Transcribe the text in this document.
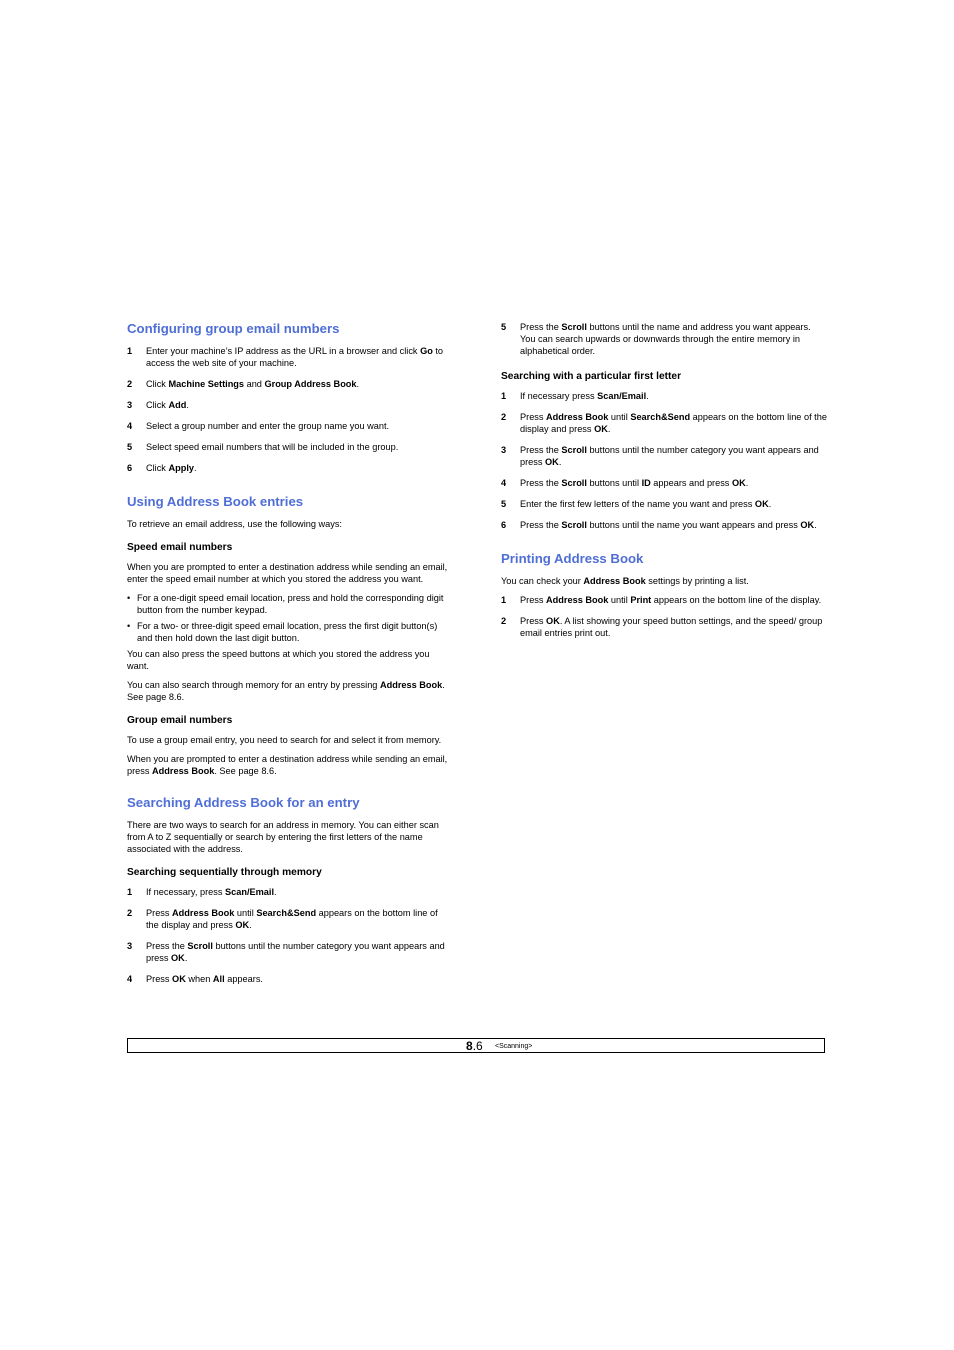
Configuring group email numbers
1	Enter your machine’s IP address as the URL in a browser and click Go to access the web site of your machine.
2	Click Machine Settings and Group Address Book.
3	Click Add.
4	Select a group number and enter the group name you want.
5	Select speed email numbers that will be included in the group.
6	Click Apply.
Using Address Book entries

To retrieve an email address, use the following ways:

Speed email numbers

When you are prompted to enter a destination address while sending an email, enter the speed email number at which you stored the address you want.

• For a one-digit speed email location, press and hold the corresponding digit button from the number keypad.
• For a two- or three-digit speed email location, press the first digit button(s) and then hold down the last digit button.

You can also press the speed buttons at which you stored the address you want.

You can also search through memory for an entry by pressing Address Book. See page 8.6.

Group email numbers

To use a group email entry, you need to search for and select it from memory.

When you are prompted to enter a destination address while sending an email, press Address Book. See page 8.6.

Searching Address Book for an entry

There are two ways to search for an address in memory. You can either scan from A to Z sequentially or search by entering the first letters of the name associated with the address.

Searching sequentially through memory
1	If necessary, press Scan/Email.
2	Press Address Book until Search&Send appears on the bottom line of the display and press OK.
3	Press the Scroll buttons until the number category you want appears and press OK.
4	Press OK when All appears.
5	Press the Scroll buttons until the name and address you want appears. You can search upwards or downwards through the entire memory in alphabetical order.
Searching with a particular first letter
1	If necessary press Scan/Email.
2	Press Address Book until Search&Send appears on the bottom line of the display and press OK.
3	Press the Scroll buttons until the number category you want appears and press OK.
4	Press the Scroll buttons until ID appears and press OK.
5	Enter the first few letters of the name you want and press OK.
6	Press the Scroll buttons until the name you want appears and press OK.
Printing Address Book

You can check your Address Book settings by printing a list.

1	Press Address Book until Print appears on the bottom line of the display.
2	Press OK. A list showing your speed button settings, and the speed/ group email entries print out.
8.6 <Scanning>
